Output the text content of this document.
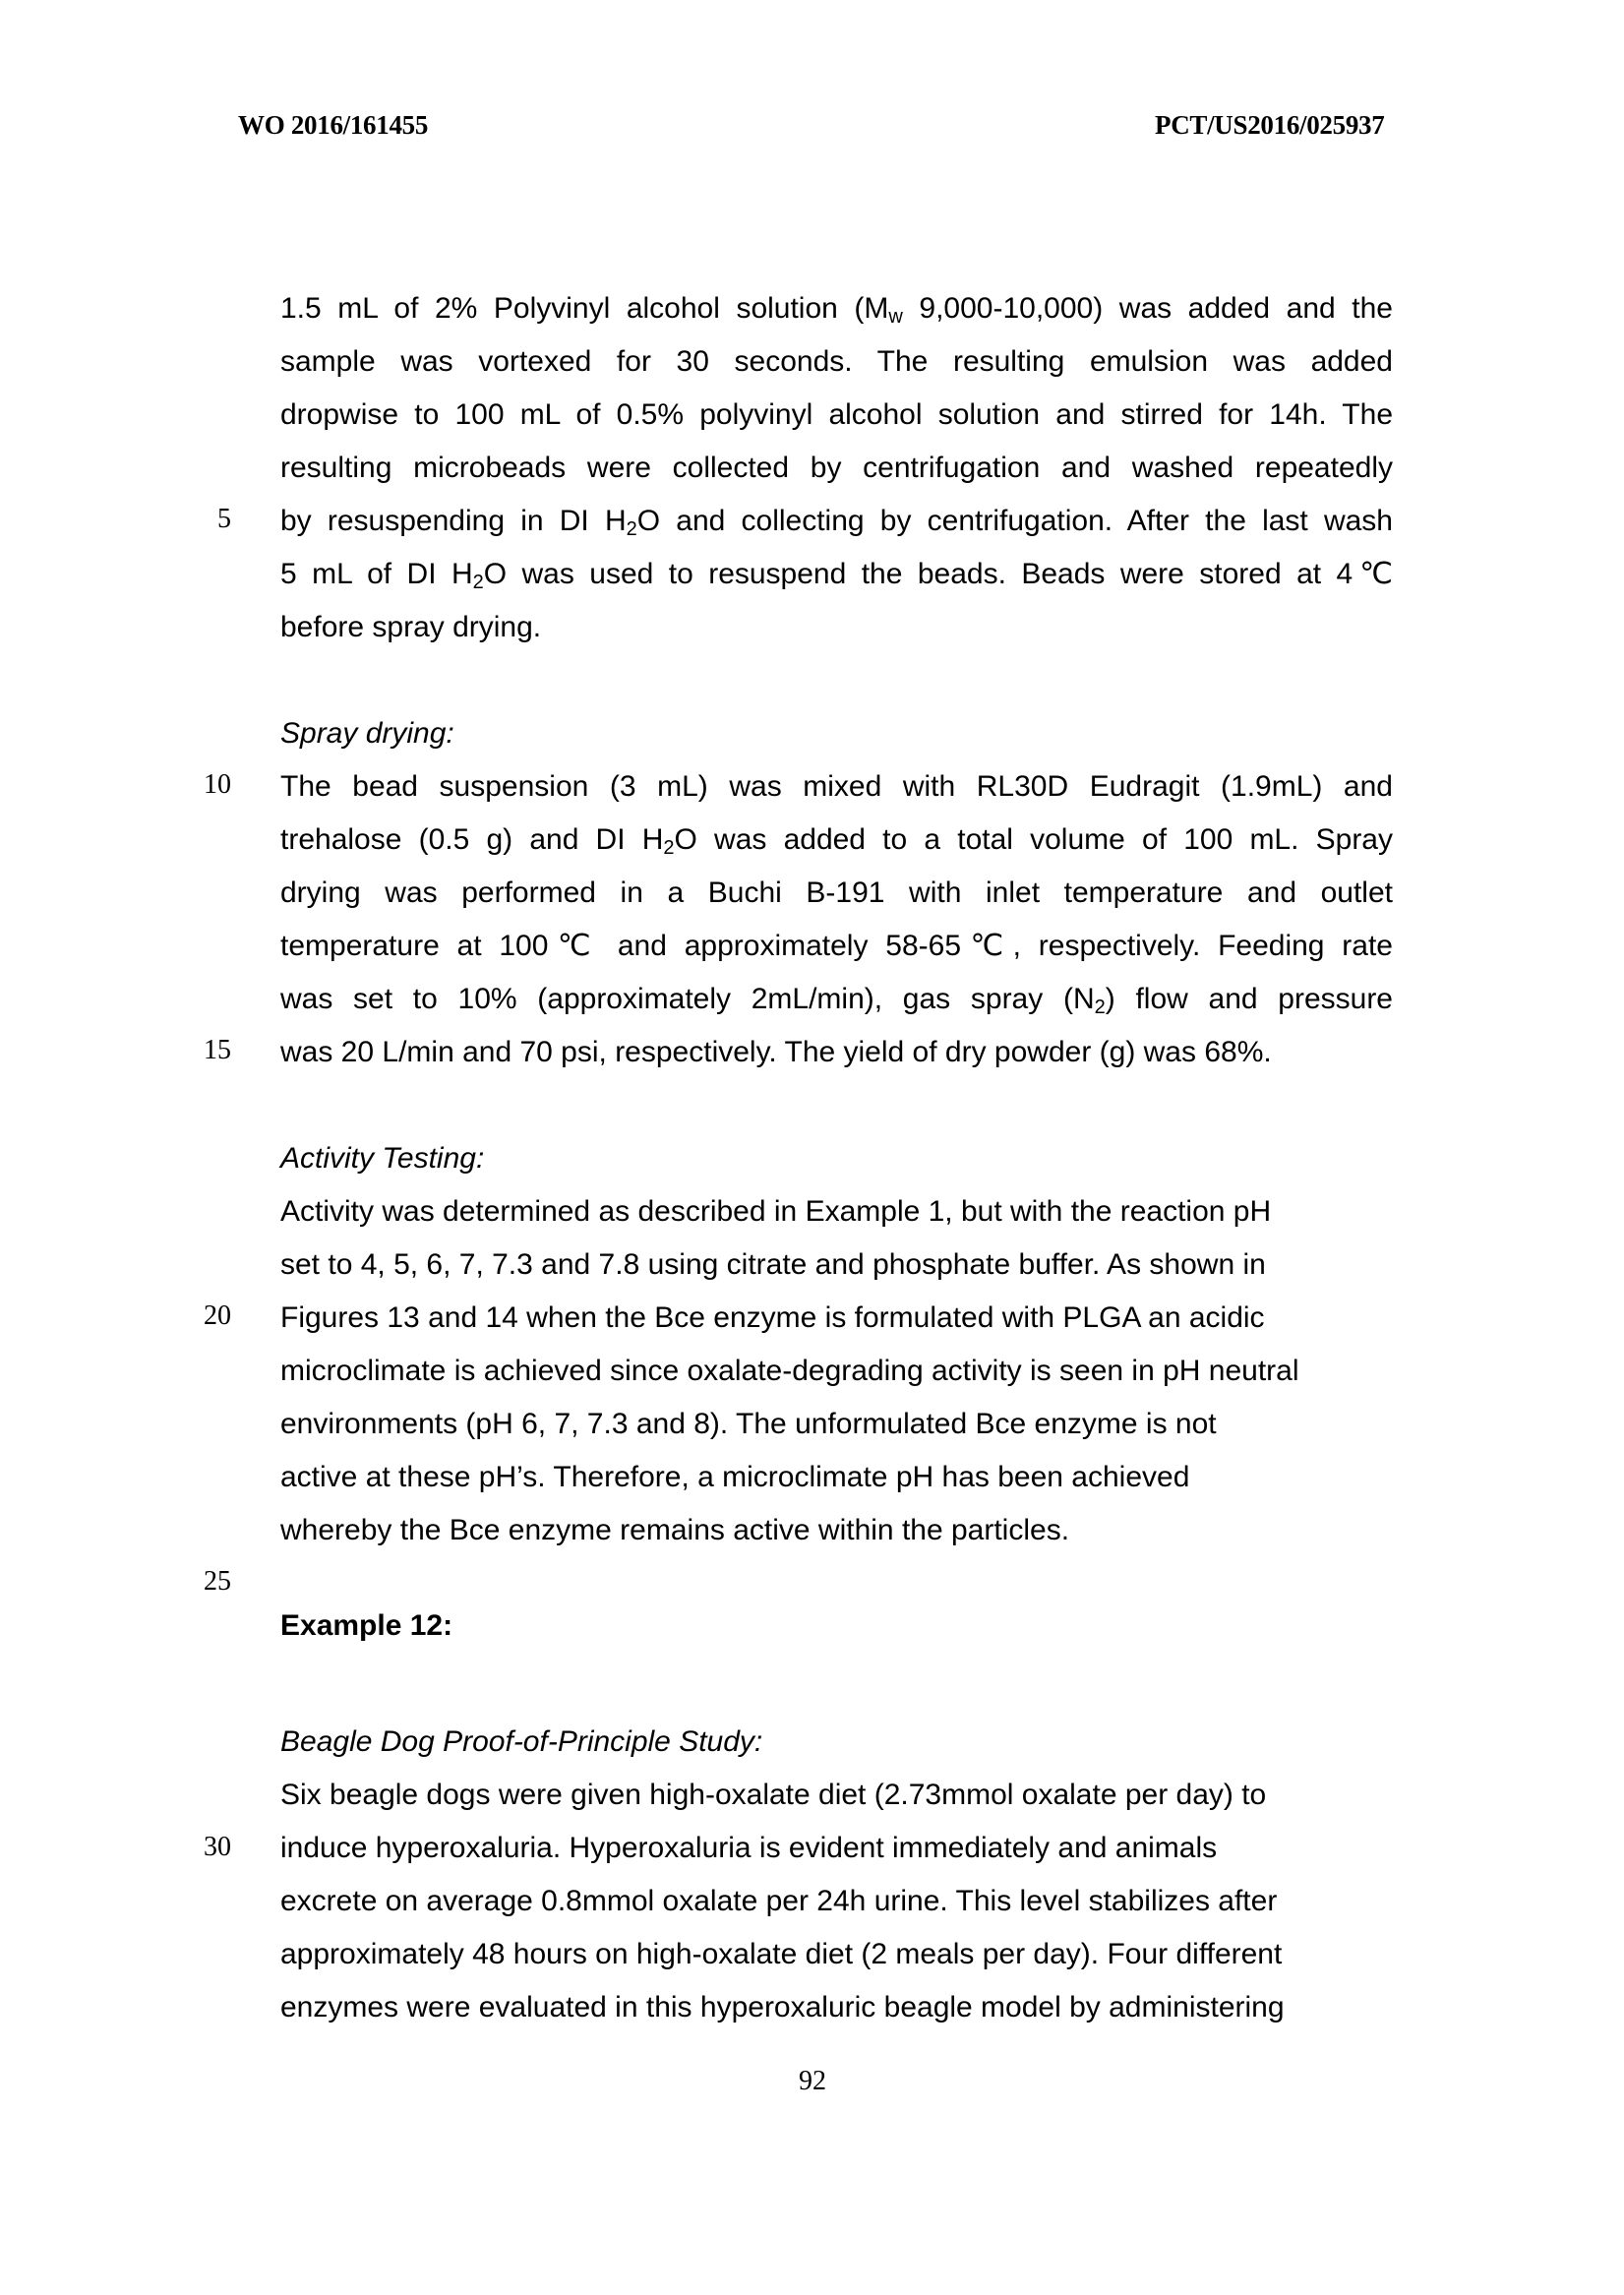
WO 2016/161455	PCT/US2016/025937
1.5 mL of 2% Polyvinyl alcohol solution ($M_w$ 9,000-10,000) was added and the
sample was vortexed for 30 seconds. The resulting emulsion was added
dropwise to 100 mL of 0.5% polyvinyl alcohol solution and stirred for 14h. The
resulting microbeads were collected by centrifugation and washed repeatedly
by resuspending in DI $H_2O$ and collecting by centrifugation. After the last wash
5 mL of DI $H_2O$ was used to resuspend the beads. Beads were stored at 4℃
before spray drying.
Spray drying:
The bead suspension (3 mL) was mixed with RL30D Eudragit (1.9mL) and
trehalose (0.5 g) and DI $H_2O$ was added to a total volume of 100 mL. Spray
drying was performed in a Buchi B-191 with inlet temperature and outlet
temperature at 100℃ and approximately 58-65℃, respectively. Feeding rate
was set to 10% (approximately 2mL/min), gas spray $(N_2)$ flow and pressure
was 20 L/min and 70 psi, respectively. The yield of dry powder (g) was 68%.
Activity Testing:
Activity was determined as described in Example 1, but with the reaction pH
set to 4, 5, 6, 7, 7.3 and 7.8 using citrate and phosphate buffer. As shown in
Figures 13 and 14 when the Bce enzyme is formulated with PLGA an acidic
microclimate is achieved since oxalate-degrading activity is seen in pH neutral
environments (pH 6, 7, 7.3 and 8). The unformulated Bce enzyme is not
active at these pH’s. Therefore, a microclimate pH has been achieved
whereby the Bce enzyme remains active within the particles.
Example 12:
Beagle Dog Proof-of-Principle Study:
Six beagle dogs were given high-oxalate diet (2.73mmol oxalate per day) to
induce hyperoxaluria. Hyperoxaluria is evident immediately and animals
excrete on average 0.8mmol oxalate per 24h urine. This level stabilizes after
approximately 48 hours on high-oxalate diet (2 meals per day). Four different
enzymes were evaluated in this hyperoxaluric beagle model by administering
5
10
15
20
25
30
92
